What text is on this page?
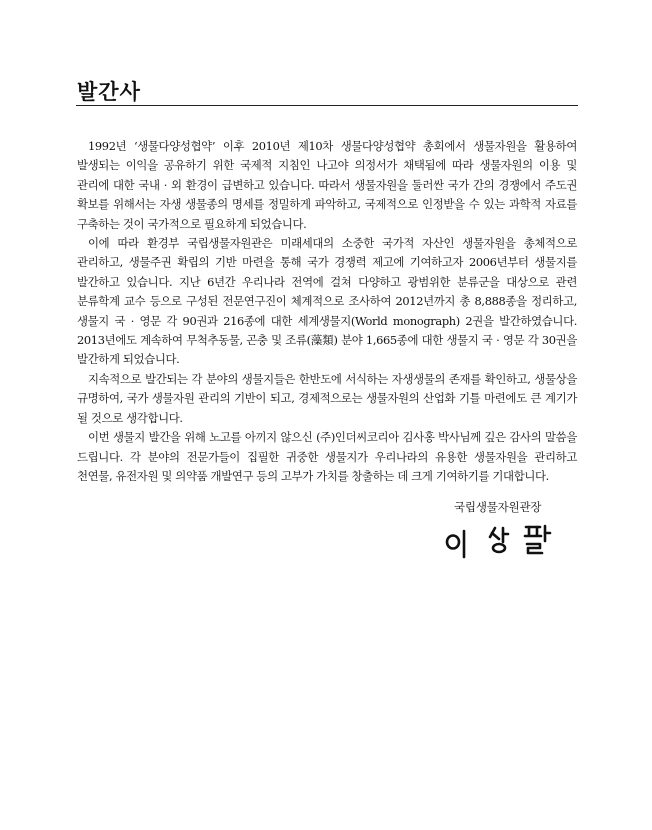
발간사

1992년 ‘생물다양성협약’ 이후 2010년 제10차 생물다양성협약 총회에서 생물자원을 활용하여 발생되는 이익을 공유하기 위한 국제적 지침인 나고야 의정서가 채택됨에 따라 생물자원의 이용 및 관리에 대한 국내 · 외 환경이 급변하고 있습니다. 따라서 생물자원을 둘러싼 국가 간의 경쟁에서 주도권 확보를 위해서는 자생 생물종의 명세를 정밀하게 파악하고, 국제적으로 인정받을 수 있는 과학적 자료를 구축하는 것이 국가적으로 필요하게 되었습니다.

이에 따라 환경부 국립생물자원관은 미래세대의 소중한 국가적 자산인 생물자원을 총체적으로 관리하고, 생물주권 확립의 기반 마련을 통해 국가 경쟁력 제고에 기여하고자 2006년부터 생물지를 발간하고 있습니다. 지난 6년간 우리나라 전역에 걸쳐 다양하고 광범위한 분류군을 대상으로 관련 분류학계 교수 등으로 구성된 전문연구진이 체계적으로 조사하여 2012년까지 총 8,888종을 정리하고, 생물지 국 · 영문 각 90권과 216종에 대한 세계생물지(World monograph) 2권을 발간하였습니다. 2013년에도 계속하여 무척추동물, 곤충 및 조류(藻類) 분야 1,665종에 대한 생물지 국 · 영문 각 30권을 발간하게 되었습니다.

지속적으로 발간되는 각 분야의 생물지들은 한반도에 서식하는 자생생물의 존재를 확인하고, 생물상을 규명하여, 국가 생물자원 관리의 기반이 되고, 경제적으로는 생물자원의 산업화 기틀 마련에도 큰 계기가 될 것으로 생각합니다.

이번 생물지 발간을 위해 노고를 아끼지 않으신 (주)인더씨코리아 김사홍 박사님께 깊은 감사의 말씀을 드립니다. 각 분야의 전문가들이 집필한 귀중한 생물지가 우리나라의 유용한 생물자원을 관리하고 천연물, 유전자원 및 의약품 개발연구 등의 고부가 가치를 창출하는 데 크게 기여하기를 기대합니다.

국립생물자원관장
